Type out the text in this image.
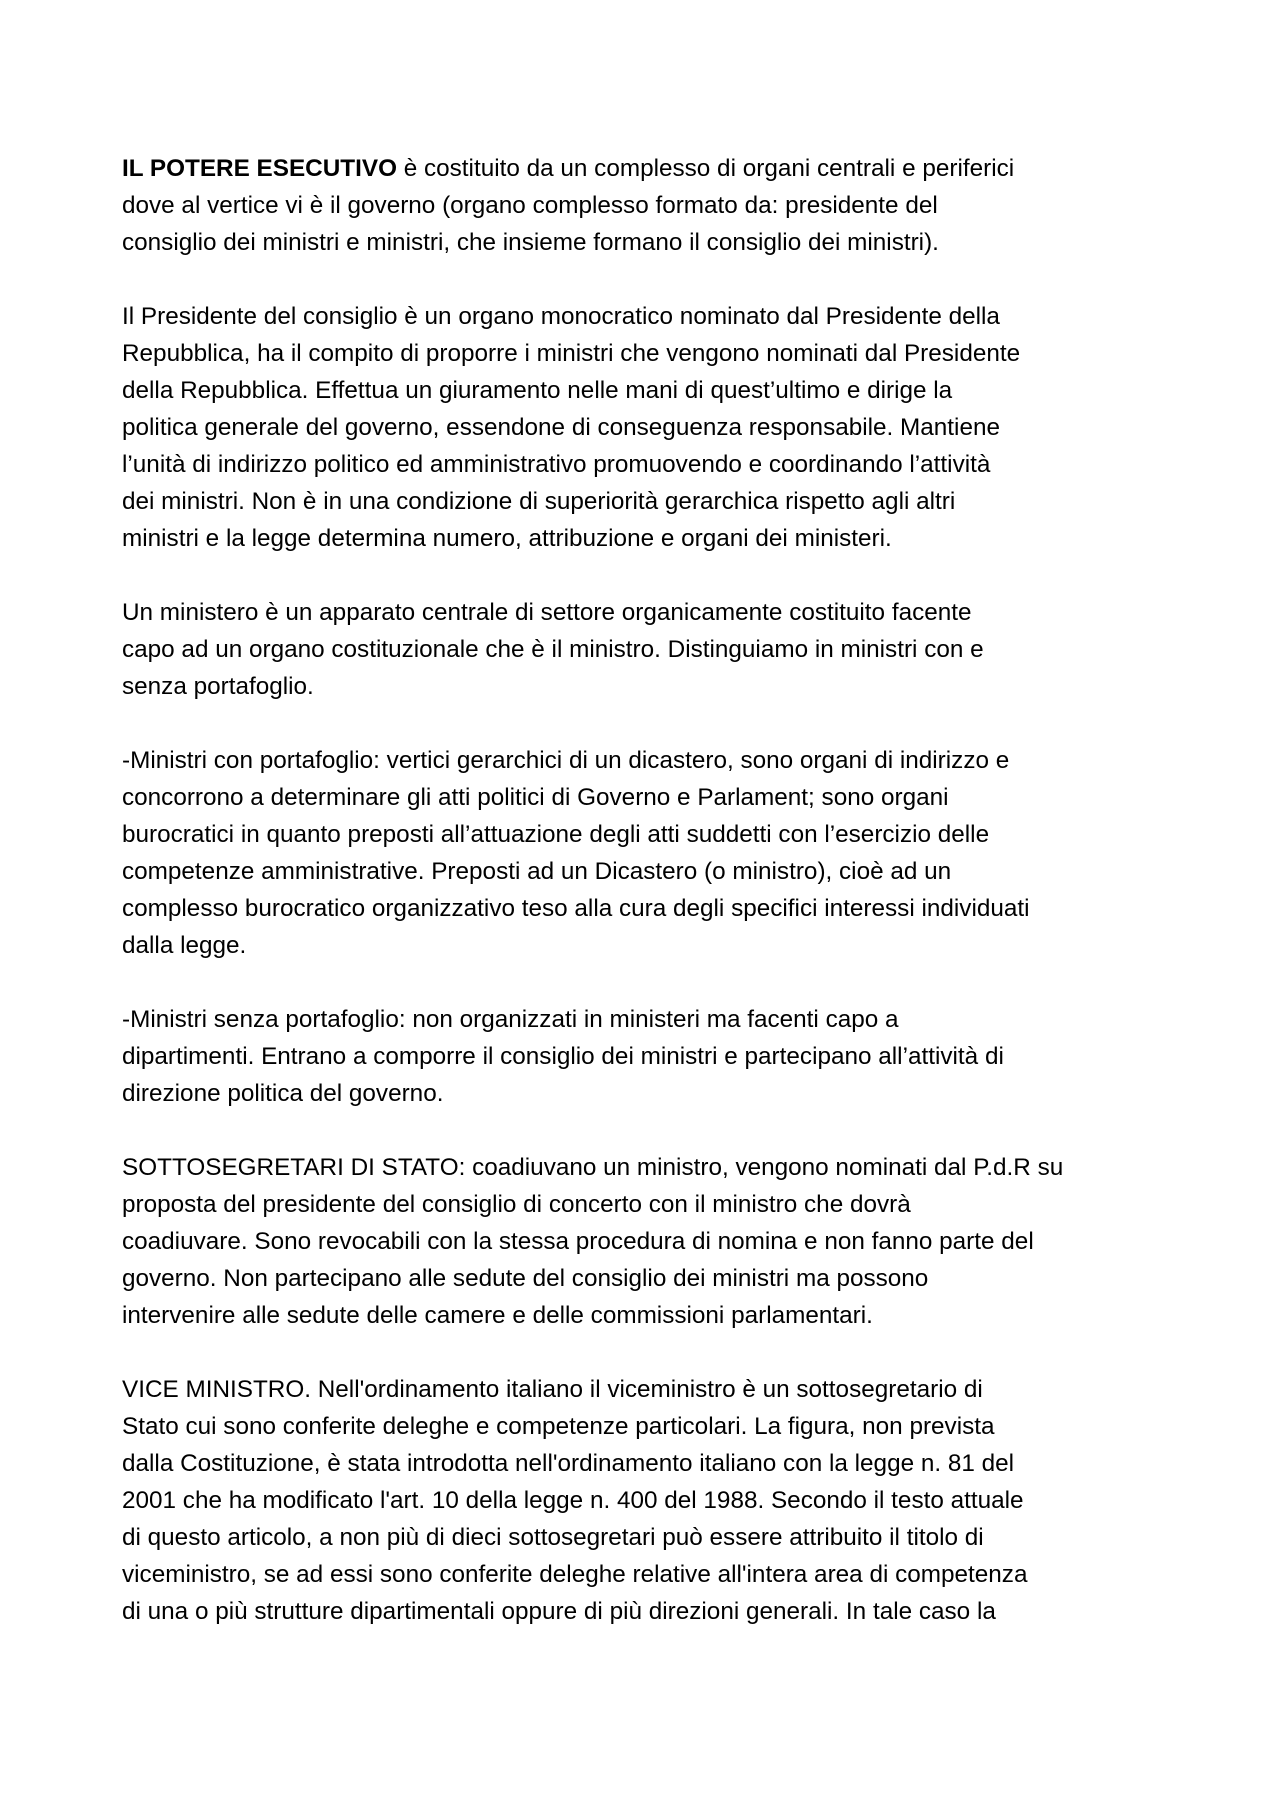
IL POTERE ESECUTIVO è costituito da un complesso di organi centrali e periferici
dove al vertice vi è il governo (organo complesso formato da: presidente del
consiglio dei ministri e ministri, che insieme formano il consiglio dei ministri).

Il Presidente del consiglio è un organo monocratico nominato dal Presidente della
Repubblica, ha il compito di proporre i ministri che vengono nominati dal Presidente
della Repubblica. Effettua un giuramento nelle mani di quest’ultimo e dirige la
politica generale del governo, essendone di conseguenza responsabile. Mantiene
l’unità di indirizzo politico ed amministrativo promuovendo e coordinando l’attività
dei ministri. Non è in una condizione di superiorità gerarchica rispetto agli altri
ministri e la legge determina numero, attribuzione e organi dei ministeri.

Un ministero è un apparato centrale di settore organicamente costituito facente
capo ad un organo costituzionale che è il ministro. Distinguiamo in ministri con e
senza portafoglio.

-Ministri con portafoglio: vertici gerarchici di un dicastero, sono organi di indirizzo e
concorrono a determinare gli atti politici di Governo e Parlament; sono organi
burocratici in quanto preposti all’attuazione degli atti suddetti con l’esercizio delle
competenze amministrative. Preposti ad un Dicastero (o ministro), cioè ad un
complesso burocratico organizzativo teso alla cura degli specifici interessi individuati
dalla legge.

-Ministri senza portafoglio: non organizzati in ministeri ma facenti capo a
dipartimenti. Entrano a comporre il consiglio dei ministri e partecipano all’attività di
direzione politica del governo.

SOTTOSEGRETARI DI STATO: coadiuvano un ministro, vengono nominati dal P.d.R su
proposta del presidente del consiglio di concerto con il ministro che dovrà
coadiuvare. Sono revocabili con la stessa procedura di nomina e non fanno parte del
governo. Non partecipano alle sedute del consiglio dei ministri ma possono
intervenire alle sedute delle camere e delle commissioni parlamentari.

VICE MINISTRO. Nell'ordinamento italiano il viceministro è un sottosegretario di
Stato cui sono conferite deleghe e competenze particolari. La figura, non prevista
dalla Costituzione, è stata introdotta nell'ordinamento italiano con la legge n. 81 del
2001 che ha modificato l'art. 10 della legge n. 400 del 1988. Secondo il testo attuale
di questo articolo, a non più di dieci sottosegretari può essere attribuito il titolo di
viceministro, se ad essi sono conferite deleghe relative all'intera area di competenza
di una o più strutture dipartimentali oppure di più direzioni generali. In tale caso la
